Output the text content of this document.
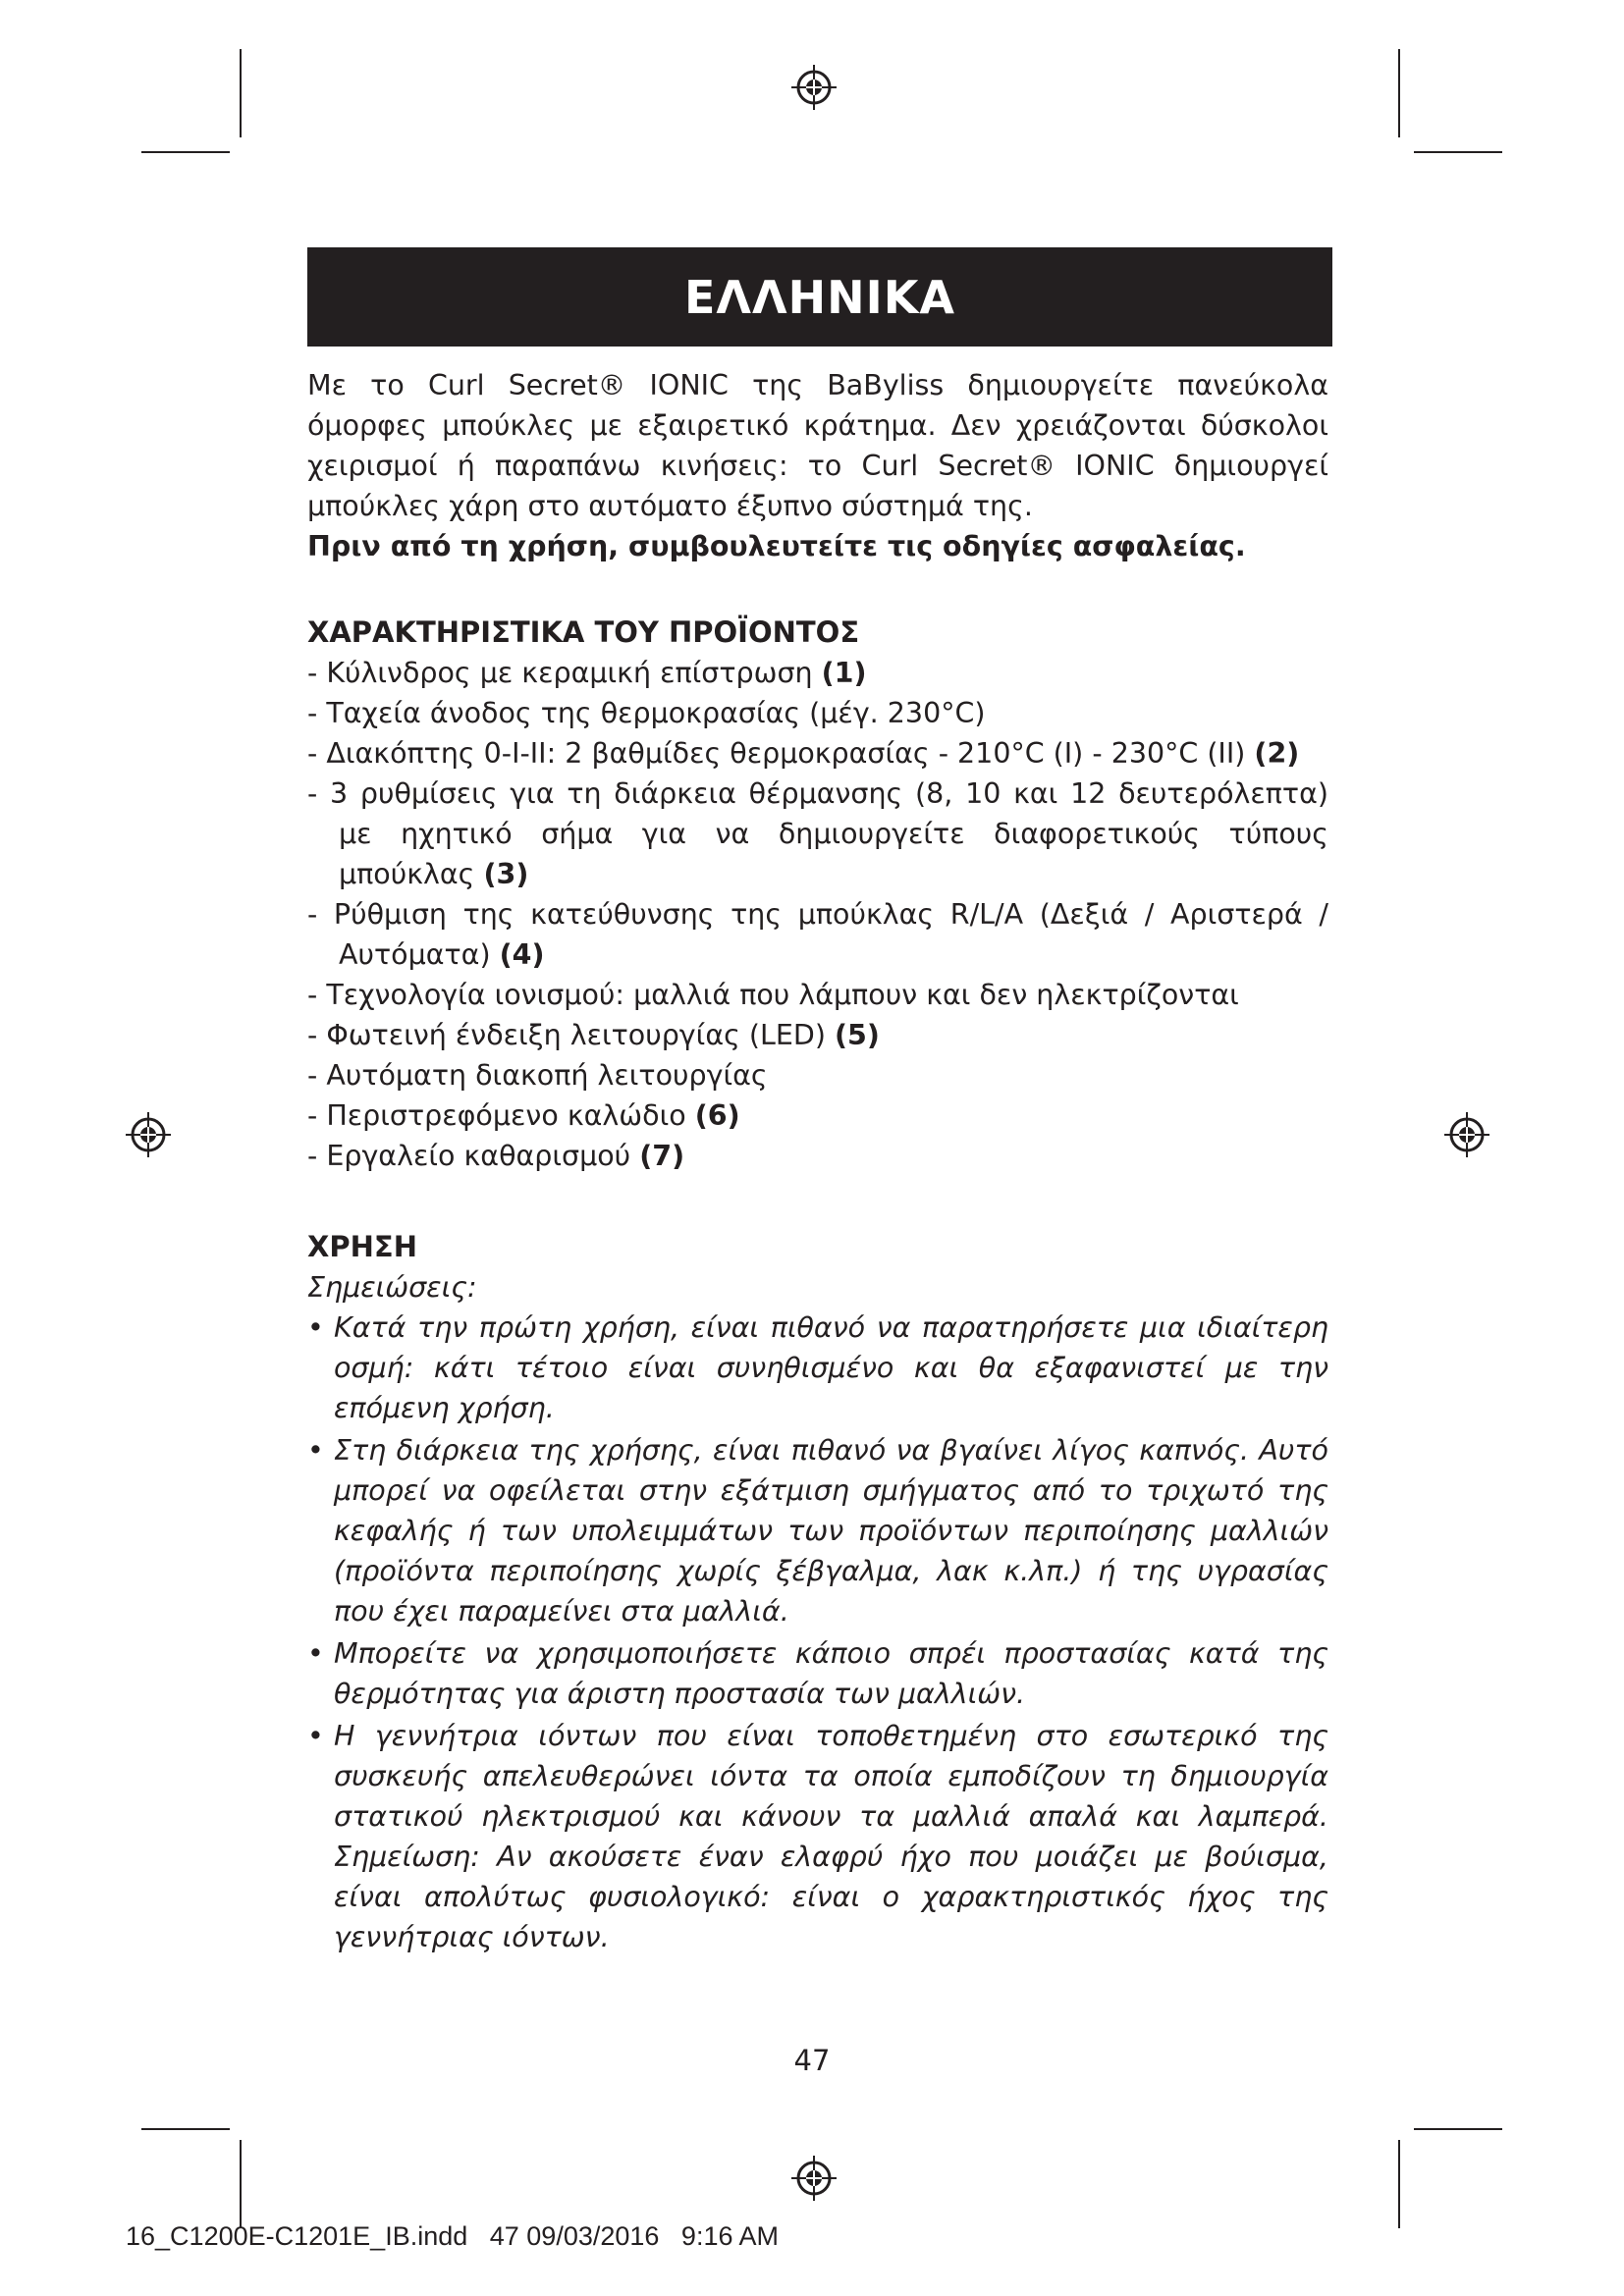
ΕΛΛΗΝΙΚΑ

Με το Curl Secret® IONIC της BaByliss δημιουργείτε πανεύκολα όμορφες μπούκλες με εξαιρετικό κράτημα. Δεν χρειάζονται δύσκολοι χειρισμοί ή παραπάνω κινήσεις: το Curl Secret® IONIC δημιουργεί μπούκλες χάρη στο αυτόματο έξυπνο σύστημά της.

Πριν από τη χρήση, συμβουλευτείτε τις οδηγίες ασφαλείας.

ΧΑΡΑΚΤΗΡΙΣΤΙΚΑ ΤΟΥ ΠΡΟΪΟΝΤΟΣ
- Κύλινδρος με κεραμική επίστρωση (1)
- Ταχεία άνοδος της θερμοκρασίας (μέγ. 230°C)
- Διακόπτης 0-I-II: 2 βαθμίδες θερμοκρασίας - 210°C (I) - 230°C (II) (2)
- 3 ρυθμίσεις για τη διάρκεια θέρμανσης (8, 10 και 12 δευτερόλεπτα) με ηχητικό σήμα για να δημιουργείτε διαφορετικούς τύπους μπούκλας (3)
- Ρύθμιση της κατεύθυνσης της μπούκλας R/L/A (Δεξιά / Αριστερά / Αυτόματα) (4)
- Τεχνολογία ιονισμού: μαλλιά που λάμπουν και δεν ηλεκτρίζονται
- Φωτεινή ένδειξη λειτουργίας (LED) (5)
- Αυτόματη διακοπή λειτουργίας
- Περιστρεφόμενο καλώδιο (6)
- Εργαλείο καθαρισμού (7)
ΧΡΗΣΗ

Σημειώσεις:

• Κατά την πρώτη χρήση, είναι πιθανό να παρατηρήσετε μια ιδιαίτερη οσμή: κάτι τέτοιο είναι συνηθισμένο και θα εξαφανιστεί με την επόμενη χρήση.
• Στη διάρκεια της χρήσης, είναι πιθανό να βγαίνει λίγος καπνός. Αυτό μπορεί να οφείλεται στην εξάτμιση σμήγματος από το τριχωτό της κεφαλής ή των υπολειμμάτων των προϊόντων περιποίησης μαλλιών (προϊόντα περιποίησης χωρίς ξέβγαλμα, λακ κ.λπ.) ή της υγρασίας που έχει παραμείνει στα μαλλιά.
• Μπορείτε να χρησιμοποιήσετε κάποιο σπρέι προστασίας κατά της θερμότητας για άριστη προστασία των μαλλιών.
• Η γεννήτρια ιόντων που είναι τοποθετημένη στο εσωτερικό της συσκευής απελευθερώνει ιόντα τα οποία εμποδίζουν τη δημιουργία στατικού ηλεκτρισμού και κάνουν τα μαλλιά απαλά και λαμπερά. Σημείωση: Αν ακούσετε έναν ελαφρύ ήχο που μοιάζει με βούισμα, είναι απολύτως φυσιολογικό: είναι ο χαρακτηριστικός ήχος της γεννήτριας ιόντων.
47
16_C1200E-C1201E_IB.indd   47 09/03/2016   9:16 AM
